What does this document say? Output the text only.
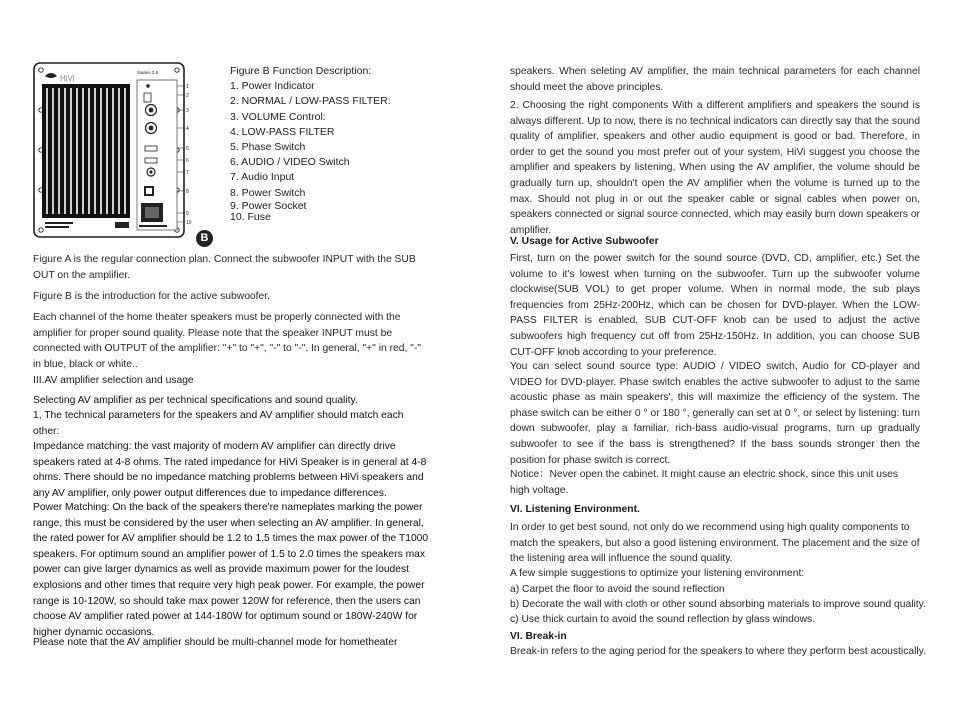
HiVi
Swans 2.6
1
2
3
4
5
6
7
8
9
10
B
Figure B Function Description:
1. Power Indicator
2. NORMAL / LOW-PASS FILTER:
3. VOLUME Control:
4. LOW-PASS FILTER
5. Phase Switch
6. AUDIO / VIDEO Switch
7. Audio Input
8. Power Switch
9. Power Socket
10. Fuse

Figure A is the regular connection plan. Connect the subwoofer INPUT with the SUB OUT on the amplifier.

Figure B is the introduction for the active subwoofer.

Each channel of the home theater speakers must be properly connected with the amplifier for proper sound quality. Please note that the speaker INPUT must be connected with OUTPUT of the amplifier: "+" to "+", "-" to "-". In general, "+" in red, "-" in blue, black or white..

III.AV amplifier selection and usage

Selecting AV amplifier as per technical specifications and sound quality.

1, The technical parameters for the speakers and AV amplifier should match each other:

Impedance matching: the vast majority of modern AV amplifier can directly drive speakers rated at 4-8 ohms. The rated impedance for HiVi Speaker is in general at 4-8 ohms. There should be no impedance matching problems between HiVi speakers and any AV amplifier, only power output differences due to impedance differences.

Power Matching: On the back of the speakers there're nameplates marking the power range, this must be considered by the user when selecting an AV amplifier. In general, the rated power for AV amplifier should be 1.2 to 1.5 times the max power of the T1000 speakers. For optimum sound an amplifier power of 1.5 to 2.0 times the speakers max power can give larger dynamics as well as provide maximum power for the loudest explosions and other times that require very high peak power. For example, the power range is 10-120W, so should take max power 120W for reference, then the users can choose AV amplifier rated power at 144-180W for optimum sound or 180W-240W for higher dynamic occasions.

Please note that the AV amplifier should be multi-channel mode for hometheater

speakers. When seleting AV amplifier, the main technical parameters for each channel should meet the above principles.

2. Choosing the right components With a different amplifiers and speakers the sound is always different. Up to now, there is no technical indicators can directly say that the sound quality of amplifier, speakers and other audio equipment is good or bad. Therefore, in order to get the sound you most prefer out of your system, HiVi suggest you choose the amplifier and speakers by listening, When using the AV amplifier, the volume should be gradually turn up, shouldn't open the AV amplifier when the volume is turned up to the max. Should not plug in or out the speaker cable or signal cables when power on, speakers connected or signal source connected, which may easily burn down speakers or amplifier.

V. Usage for Active Subwoofer

First, turn on the power switch for the sound source (DVD, CD, amplifier, etc.) Set the volume to it's lowest when turning on the subwoofer. Turn up the subwoofer volume clockwise(SUB VOL) to get proper volume. When in normal mode, the sub plays frequencies from 25Hz-200Hz, which can be chosen for DVD-player. When the LOW-PASS FILTER is enabled, SUB CUT-OFF knob can be used to adjust the active subwoofers high frequency cut off from 25Hz-150Hz. In addition, you can choose SUB CUT-OFF knob according to your preference.

You can select sound source type: AUDIO / VIDEO switch, Audio for CD-player and VIDEO for DVD-player. Phase switch enables the active subwoofer to adjust to the same acoustic phase as main speakers', this will maximize the efficiency of the system. The phase switch can be either 0 ° or 180 °, generally can set at 0 °, or select by listening: turn down subwoofer, play a familiar, rich-bass audio-visual programs, turn up gradually subwoofer to see if the bass is strengthened? If the bass sounds stronger then the position for phase switch is correct.

Notice：Never open the cabinet. It might cause an electric shock, since this unit uses high voltage.

VI. Listening Environment.

In order to get best sound, not only do we recommend using high quality components to match the speakers, but also a good listening environment. The placement and the size of the listening area will influence the sound quality.

A few simple suggestions to optimize your listening environment:

a) Carpet the floor to avoid the sound reflection

b) Decorate the wall with cloth or other sound absorbing materials to improve sound quality.

c) Use thick curtain to avoid the sound reflection by glass windows.

VI. Break-in

Break-in refers to the aging period for the speakers to where they perform best acoustically.
